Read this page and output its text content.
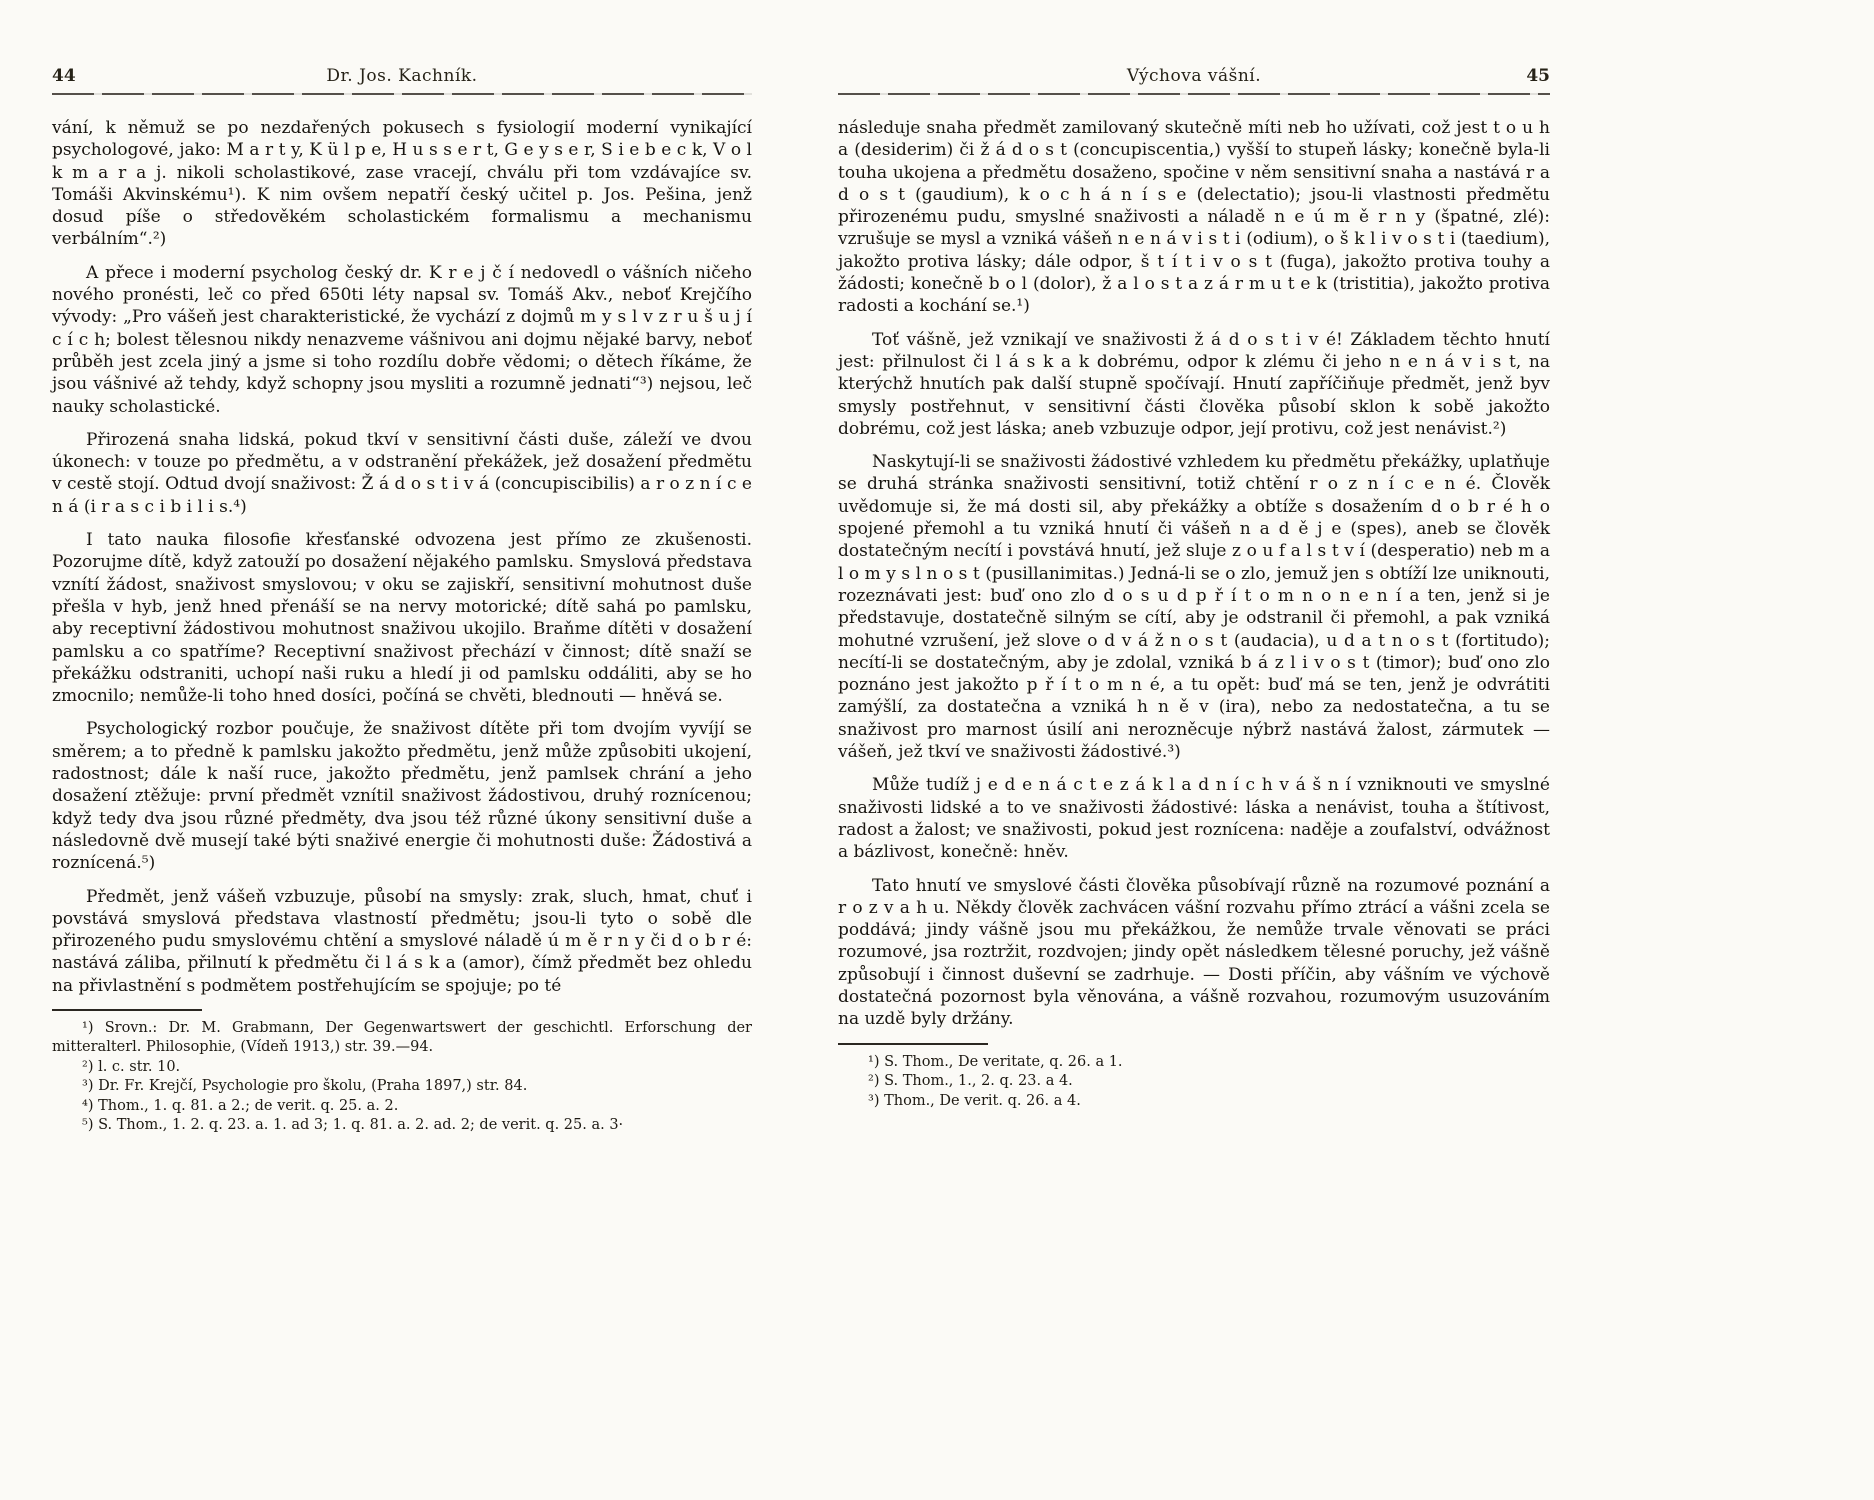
44	Dr. Jos. Kachník.

vání, k němuž se po nezdařených pokusech s fysiologií moderní vynikající psychologové, jako: M a r t y, K ü l p e, H u s s e r t, G e y s e r, S i e b e c k, V o l k m a r a j. nikoli scholastikové, zase vracejí, chválu při tom vzdávajíce sv. Tomáši Akvinskému¹). K nim ovšem nepatří český učitel p. Jos. Pešina, jenž dosud píše o středověkém scholastickém formalismu a mechanismu verbálním“.²)

A přece i moderní psycholog český dr. K r e j č í nedovedl o vášních ničeho nového pronésti, leč co před 650ti léty napsal sv. Tomáš Akv., neboť Krejčího vývody: „Pro vášeň jest charakteristické, že vychází z dojmů m y s l v z r u š u j í c í c h; bolest tělesnou nikdy nenazveme vášnivou ani dojmu nějaké barvy, neboť průběh jest zcela jiný a jsme si toho rozdílu dobře vědomi; o dětech říkáme, že jsou vášnivé až tehdy, když schopny jsou mysliti a rozumně jednati“³) nejsou, leč nauky scholastické.

Přirozená snaha lidská, pokud tkví v sensitivní části duše, záleží ve dvou úkonech: v touze po předmětu, a v odstranění překážek, jež dosažení předmětu v cestě stojí. Odtud dvojí snaživost: Ž á d o s t i v á (concupiscibilis) a r o z n í c e n á (i r a s c i b i l i s.⁴)

I tato nauka filosofie křesťanské odvozena jest přímo ze zkušenosti. Pozorujme dítě, když zatouží po dosažení nějakého pamlsku. Smyslová představa vznítí žádost, snaživost smyslovou; v oku se zajiskří, sensitivní mohutnost duše přešla v hyb, jenž hned přenáší se na nervy motorické; dítě sahá po pamlsku, aby receptivní žádostivou mohutnost snaživou ukojilo. Braňme dítěti v dosažení pamlsku a co spatříme? Receptivní snaživost přechází v činnost; dítě snaží se překážku odstraniti, uchopí naši ruku a hledí ji od pamlsku oddáliti, aby se ho zmocnilo; nemůže-li toho hned dosíci, počíná se chvěti, blednouti — hněvá se.

Psychologický rozbor poučuje, že snaživost dítěte při tom dvojím vyvíjí se směrem; a to předně k pamlsku jakožto předmětu, jenž může způsobiti ukojení, radostnost; dále k naší ruce, jakožto předmětu, jenž pamlsek chrání a jeho dosažení ztěžuje: první předmět vznítil snaživost žádostivou, druhý roznícenou; když tedy dva jsou různé předměty, dva jsou též různé úkony sensitivní duše a následovně dvě musejí také býti snaživé energie či mohutnosti duše: Žádostivá a roznícená.⁵)

Předmět, jenž vášeň vzbuzuje, působí na smysly: zrak, sluch, hmat, chuť i povstává smyslová představa vlastností předmětu; jsou-li tyto o sobě dle přirozeného pudu smyslovému chtění a smyslové náladě ú m ě r n y či d o b r é: nastává záliba, přilnutí k předmětu či l á s k a (amor), čímž předmět bez ohledu na přivlastnění s podmětem postřehujícím se spojuje; po té

¹) Srovn.: Dr. M. Grabmann, Der Gegenwartswert der geschichtl. Erforschung der mitteralterl. Philosophie, (Vídeň 1913,) str. 39.—94.

²) l. c. str. 10.

³) Dr. Fr. Krejčí, Psychologie pro školu, (Praha 1897,) str. 84.

⁴) Thom., 1. q. 81. a 2.; de verit. q. 25. a. 2.

⁵) S. Thom., 1. 2. q. 23. a. 1. ad 3; 1. q. 81. a. 2. ad. 2; de verit. q. 25. a. 3·

Výchova vášní.	45

následuje snaha předmět zamilovaný skutečně míti neb ho užívati, což jest t o u h a (desiderim) či ž á d o s t (concupiscentia,) vyšší to stupeň lásky; konečně byla-li touha ukojena a předmětu dosaženo, spočine v něm sensitivní snaha a nastává r a d o s t (gaudium), k o c h á n í s e (delectatio); jsou-li vlastnosti předmětu přirozenému pudu, smyslné snaživosti a náladě n e ú m ě r n y (špatné, zlé): vzrušuje se mysl a vzniká vášeň n e n á v i s t i (odium), o š k l i v o s t i (taedium), jakožto protiva lásky; dále odpor, š t í t i v o s t (fuga), jakožto protiva touhy a žádosti; konečně b o l (dolor), ž a l o s t a z á r m u t e k (tristitia), jakožto protiva radosti a kochání se.¹)

Toť vášně, jež vznikají ve snaživosti ž á d o s t i v é! Základem těchto hnutí jest: přilnulost či l á s k a k dobrému, odpor k zlému či jeho n e n á v i s t, na kterýchž hnutích pak další stupně spočívají. Hnutí zapříčiňuje předmět, jenž byv smysly postřehnut, v sensitivní části člověka působí sklon k sobě jakožto dobrému, což jest láska; aneb vzbuzuje odpor, její protivu, což jest nenávist.²)

Naskytují-li se snaživosti žádostivé vzhledem ku předmětu překážky, uplatňuje se druhá stránka snaživosti sensitivní, totiž chtění r o z n í c e n é. Člověk uvědomuje si, že má dosti sil, aby překážky a obtíže s dosažením d o b r é h o spojené přemohl a tu vzniká hnutí či vášeň n a d ě j e (spes), aneb se člověk dostatečným necítí i povstává hnutí, jež sluje z o u f a l s t v í (desperatio) neb m a l o m y s l n o s t (pusillanimitas.) Jedná-li se o zlo, jemuž jen s obtíží lze uniknouti, rozeznávati jest: buď ono zlo d o s u d p ř í t o m n o n e n í a ten, jenž si je představuje, dostatečně silným se cítí, aby je odstranil či přemohl, a pak vzniká mohutné vzrušení, jež slove o d v á ž n o s t (audacia), u d a t n o s t (fortitudo); necítí-li se dostatečným, aby je zdolal, vzniká b á z l i v o s t (timor); buď ono zlo poznáno jest jakožto p ř í t o m n é, a tu opět: buď má se ten, jenž je odvrátiti zamýšlí, za dostatečna a vzniká h n ě v (ira), nebo za nedostatečna, a tu se snaživost pro marnost úsilí ani nerozněcuje nýbrž nastává žalost, zármutek — vášeň, jež tkví ve snaživosti žádostivé.³)

Může tudíž j e d e n á c t e z á k l a d n í c h v á š n í vzniknouti ve smyslné snaživosti lidské a to ve snaživosti žádostivé: láska a nenávist, touha a štítivost, radost a žalost; ve snaživosti, pokud jest roznícena: naděje a zoufalství, odvážnost a bázlivost, konečně: hněv.

Tato hnutí ve smyslové části člověka působívají různě na rozumové poznání a r o z v a h u. Někdy člověk zachvácen vášní rozvahu přímo ztrácí a vášni zcela se poddává; jindy vášně jsou mu překážkou, že nemůže trvale věnovati se práci rozumové, jsa roztržit, rozdvojen; jindy opět následkem tělesné poruchy, jež vášně způsobují i činnost duševní se zadrhuje. — Dosti příčin, aby vášním ve výchově dostatečná pozornost byla věnována, a vášně rozvahou, rozumovým usuzováním na uzdě byly držány.

¹) S. Thom., De veritate, q. 26. a 1.

²) S. Thom., 1., 2. q. 23. a 4.

³) Thom., De verit. q. 26. a 4.
